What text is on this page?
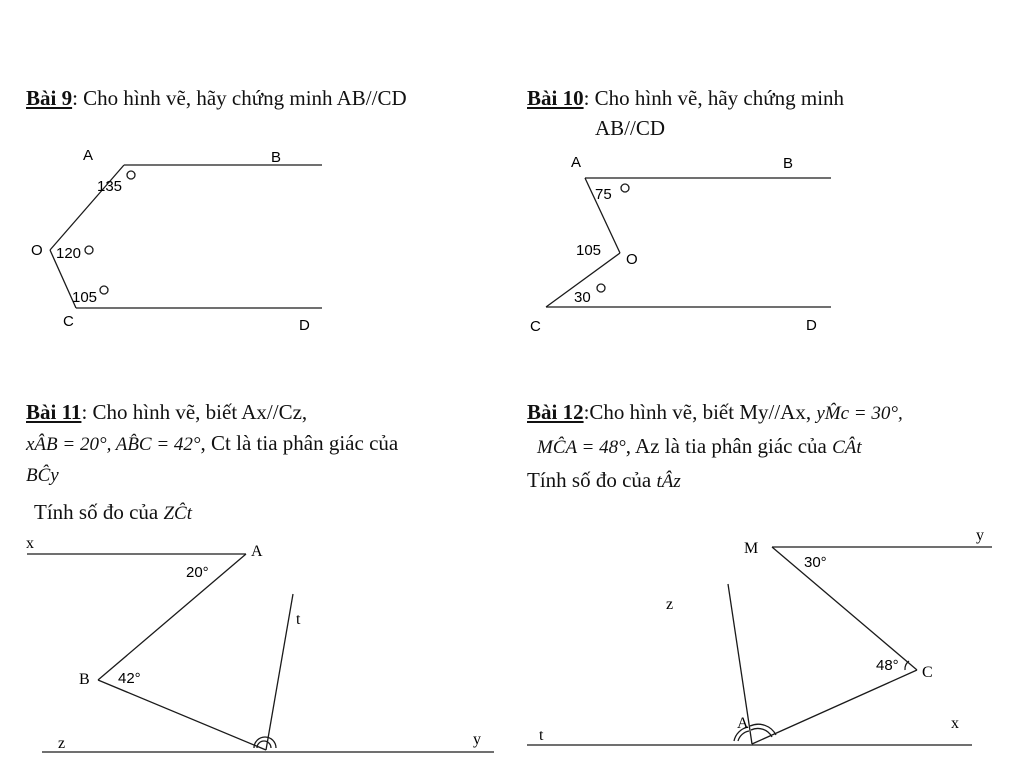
Bài 9: Cho hình vẽ, hãy chứng minh AB//CD	Bài 10: Cho hình vẽ, hãy chứng minh
AB//CD
Bài 11: Cho hình vẽ, biết Ax//Cz,
xÂB = 20°, AB̂C = 42°, Ct là tia phân giác của
BĈy
Tính số đo của ZĈt
Bài 12:Cho hình vẽ, biết My//Ax, yM̂c = 30°,
MĈA = 48°, Az là tia phân giác của CÂt
Tính số đo của tÂz
A	B
O
C	D
135
120
105
A	B
O
C	D
75
105
30
x	A
t
B
z	y
20°
42°
M
y
z
C
A
t
x
30°
48°
